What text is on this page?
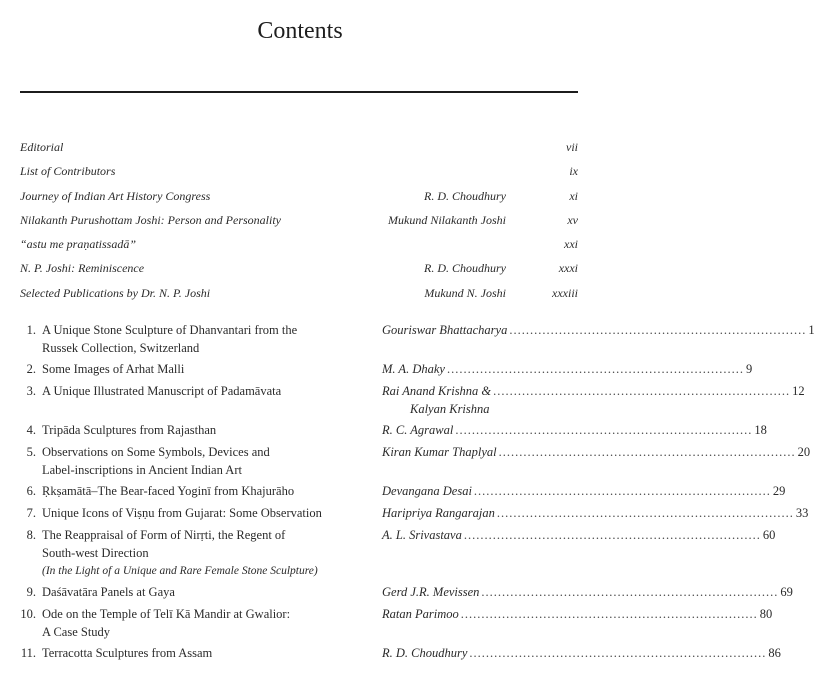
Contents
Editorial	vii
List of Contributors	ix
Journey of Indian Art History Congress	R. D. Choudhury	xi
Nilakanth Purushottam Joshi: Person and Personality	Mukund Nilakanth Joshi	xv
“astu me praṇatissadā”	xxi
N. P. Joshi: Reminiscence	R. D. Choudhury	xxxi
Selected Publications by Dr. N. P. Joshi	Mukund N. Joshi	xxxiii
1. A Unique Stone Sculpture of Dhanvantari from the
Russek Collection, Switzerland
Gouriswar Bhattacharya ........................................................................ 1
2. Some Images of Arhat Malli	M. A. Dhaky ........................................................................ 9
3. A Unique Illustrated Manuscript of Padamāvata	Rai Anand Krishna & ........................................................................ 12
Kalyan Krishna
4. Tripāda Sculptures from Rajasthan	R. C. Agrawal ........................................................................ 18
5. Observations on Some Symbols, Devices and
Label-inscriptions in Ancient Indian Art
Kiran Kumar Thaplyal ........................................................................ 20
6. Ṛkṣamātā–The Bear-faced Yoginī from Khajurāho	Devangana Desai ........................................................................ 29
7. Unique Icons of Viṣṇu from Gujarat: Some Observation	Haripriya Rangarajan ........................................................................ 33
8. The Reappraisal of Form of Nirṛti, the Regent of
South-west Direction
(In the Light of a Unique and Rare Female Stone Sculpture)
A. L. Srivastava ........................................................................ 60
9. Daśāvatāra Panels at Gaya	Gerd J.R. Mevissen ........................................................................ 69
10. Ode on the Temple of Telī Kā Mandir at Gwalior:
A Case Study
Ratan Parimoo ........................................................................ 80
11. Terracotta Sculptures from Assam	R. D. Choudhury ........................................................................ 86
